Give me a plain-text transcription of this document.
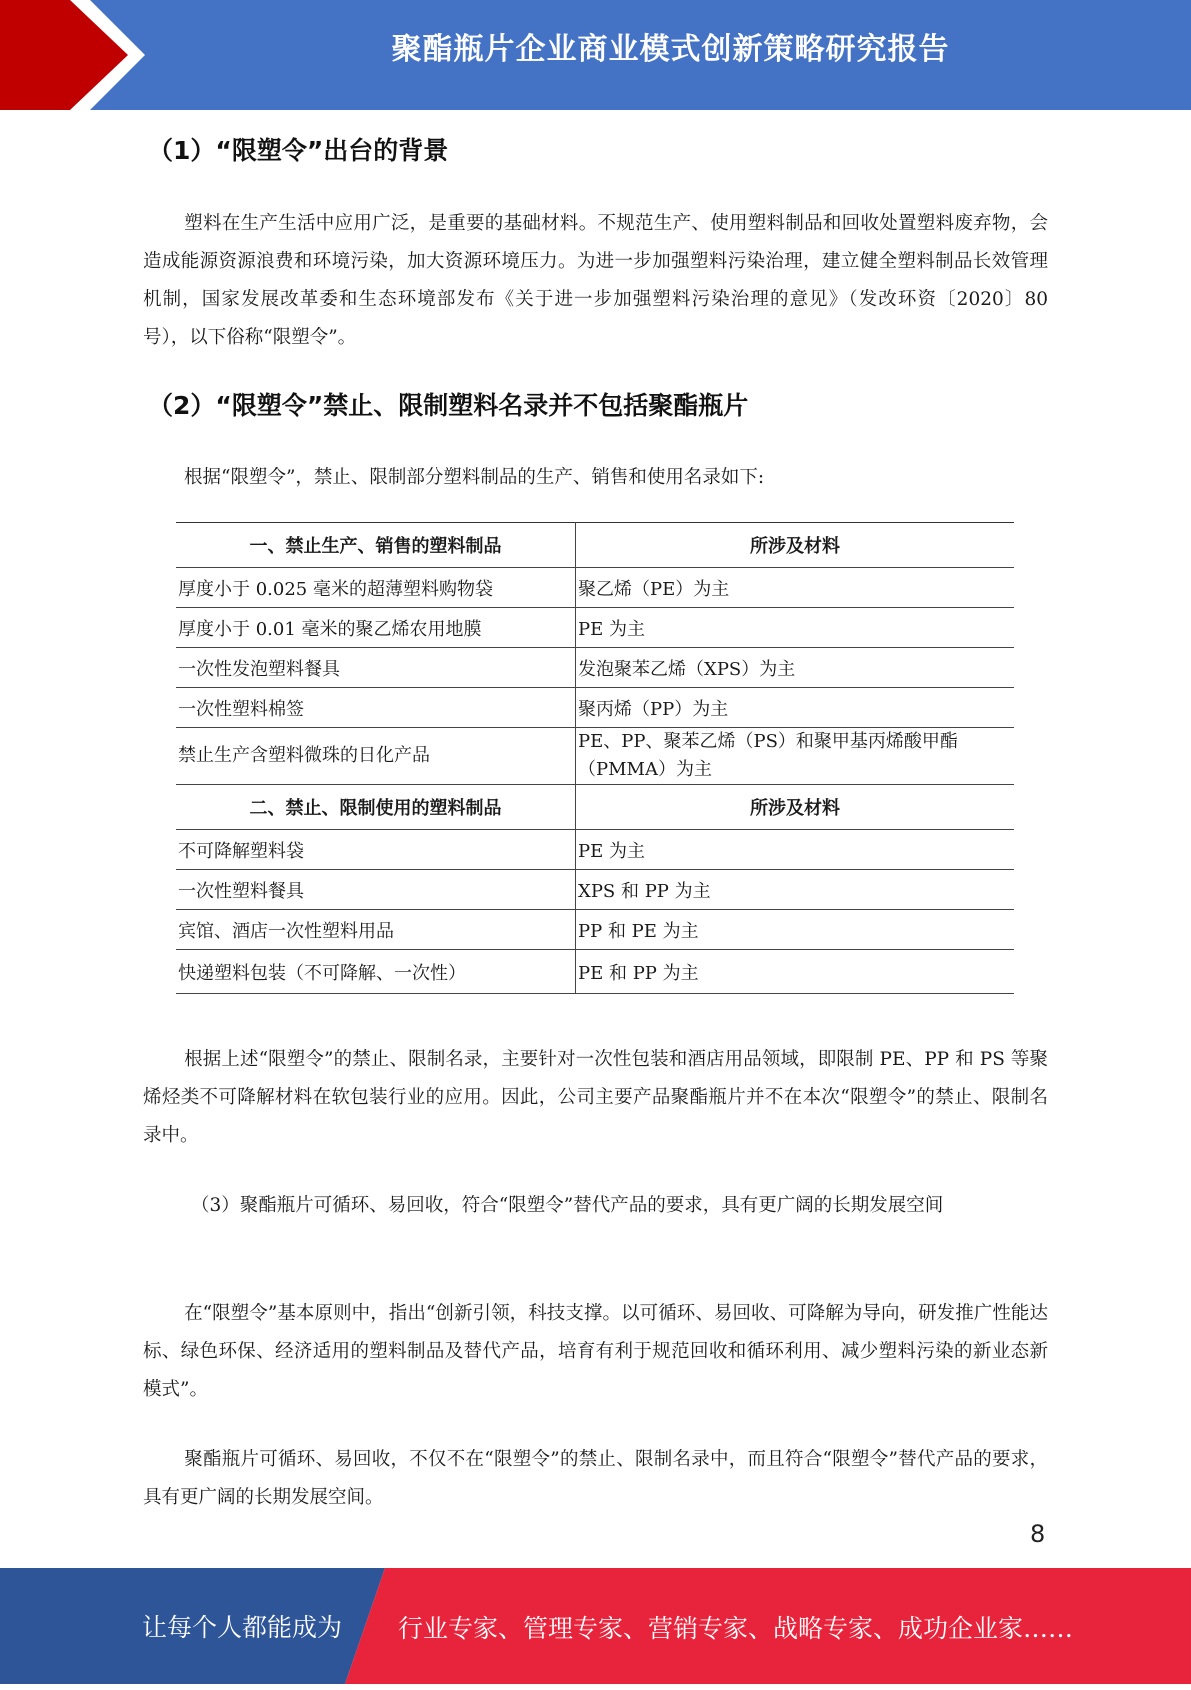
聚酯瓶片企业商业模式创新策略研究报告
（1）“限塑令”出台的背景
塑料在生产生活中应用广泛，是重要的基础材料。不规范生产、使用塑料制品和回收处置塑料废弃物，会造成能源资源浪费和环境污染，加大资源环境压力。为进一步加强塑料污染治理，建立健全塑料制品长效管理机制，国家发展改革委和生态环境部发布《关于进一步加强塑料污染治理的意见》（发改环资〔2020〕80 号），以下俗称“限塑令”。
（2）“限塑令”禁止、限制塑料名录并不包括聚酯瓶片
根据“限塑令”，禁止、限制部分塑料制品的生产、销售和使用名录如下:
一、禁止生产、销售的塑料制品	所涉及材料
厚度小于 0.025 毫米的超薄塑料购物袋	聚乙烯（PE）为主
厚度小于 0.01 毫米的聚乙烯农用地膜	PE 为主
一次性发泡塑料餐具	发泡聚苯乙烯（XPS）为主
一次性塑料棉签	聚丙烯（PP）为主
禁止生产含塑料微珠的日化产品	PE、PP、聚苯乙烯（PS）和聚甲基丙烯酸甲酯（PMMA）为主
二、禁止、限制使用的塑料制品	所涉及材料
不可降解塑料袋	PE 为主
一次性塑料餐具	XPS 和 PP 为主
宾馆、酒店一次性塑料用品	PP 和 PE 为主
快递塑料包装（不可降解、一次性）	PE 和 PP 为主
根据上述“限塑令”的禁止、限制名录，主要针对一次性包装和酒店用品领域，即限制 PE、PP 和 PS 等聚烯烃类不可降解材料在软包装行业的应用。因此，公司主要产品聚酯瓶片并不在本次“限塑令”的禁止、限制名录中。
（3）聚酯瓶片可循环、易回收，符合“限塑令”替代产品的要求，具有更广阔的长期发展空间
在“限塑令”基本原则中，指出“创新引领，科技支撑。以可循环、易回收、可降解为导向，研发推广性能达标、绿色环保、经济适用的塑料制品及替代产品，培育有利于规范回收和循环利用、减少塑料污染的新业态新模式”。
聚酯瓶片可循环、易回收，不仅不在“限塑令”的禁止、限制名录中，而且符合“限塑令”替代产品的要求，具有更广阔的长期发展空间。
8
让每个人都能成为 行业专家、管理专家、营销专家、战略专家、成功企业家……
